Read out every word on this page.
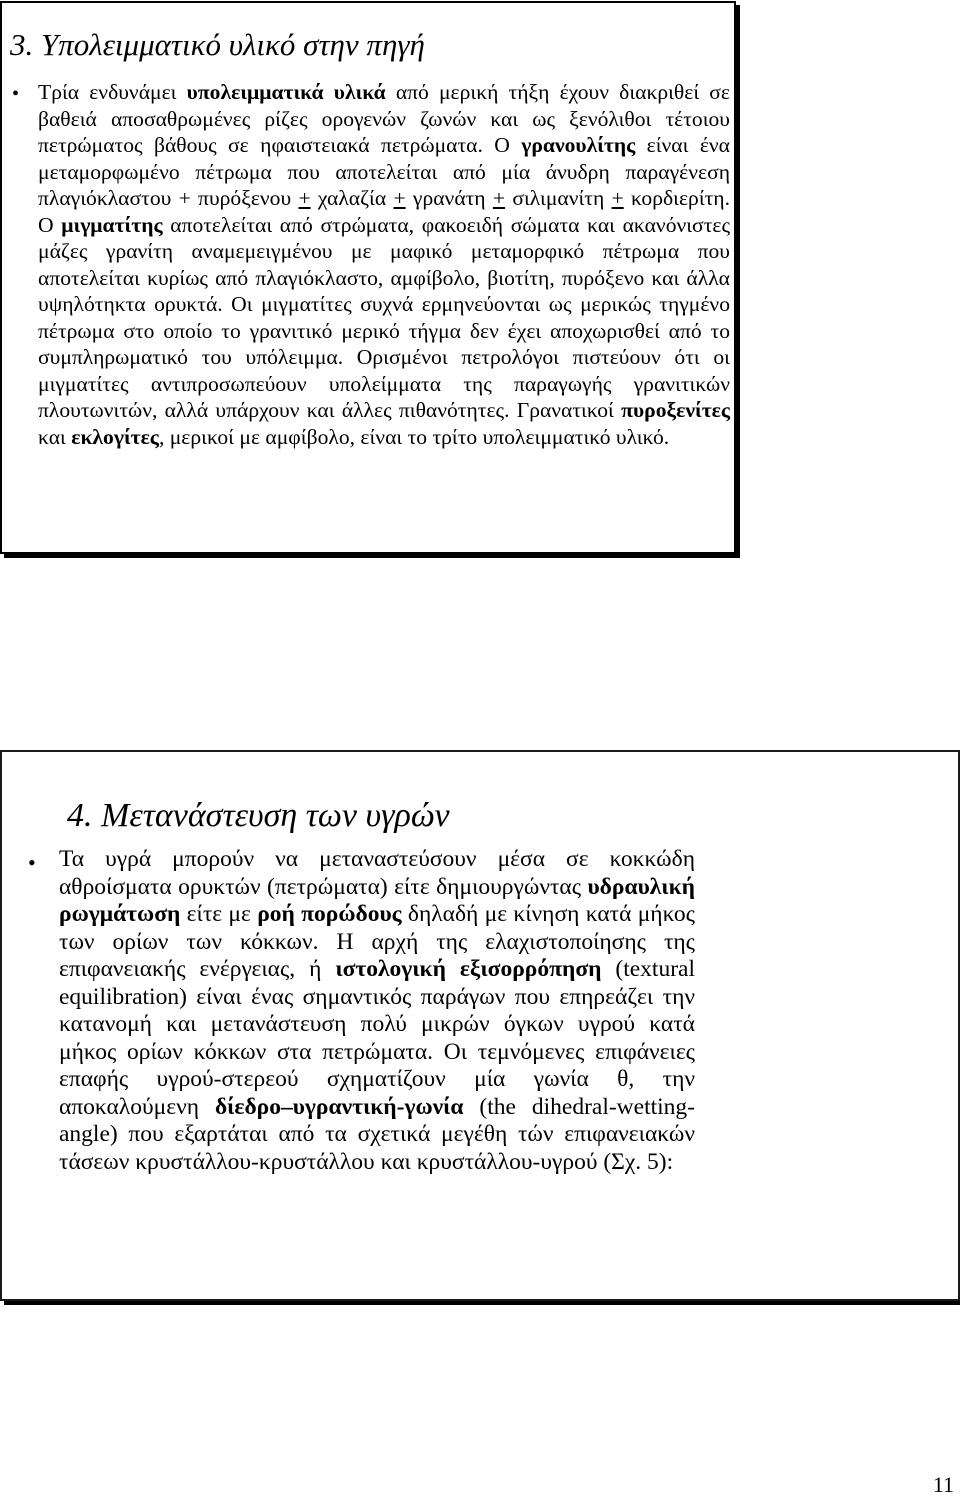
3. Υπολειμματικό υλικό στην πηγή
• Τρία ενδυνάμει υπολειμματικά υλικά από μερική τήξη έχουν διακριθεί σε βαθειά αποσαθρωμένες ρίζες ορογενών ζωνών και ως ξενόλιθοι τέτοιου πετρώματος βάθους σε ηφαιστειακά πετρώματα. Ο γρανουλίτης είναι ένα μεταμορφωμένο πέτρωμα που αποτελείται από μία άνυδρη παραγένεση πλαγιόκλαστου + πυρόξενου + χαλαζία + γρανάτη + σιλιμανίτη + κορδιερίτη. Ο μιγματίτης αποτελείται από στρώματα, φακοειδή σώματα και ακανόνιστες μάζες γρανίτη αναμεμειγμένου με μαφικό μεταμορφικό πέτρωμα που αποτελείται κυρίως από πλαγιόκλαστο, αμφίβολο, βιοτίτη, πυρόξενο και άλλα υψηλότηκτα ορυκτά. Οι μιγματίτες συχνά ερμηνεύονται ως μερικώς τηγμένο πέτρωμα στο οποίο το γρανιτικό μερικό τήγμα δεν έχει αποχωρισθεί από το συμπληρωματικό του υπόλειμμα. Ορισμένοι πετρολόγοι πιστεύουν ότι οι μιγματίτες αντιπροσωπεύουν υπολείμματα της παραγωγής γρανιτικών πλουτωνιτών, αλλά υπάρχουν και άλλες πιθανότητες. Γρανατικοί πυροξενίτες και εκλογίτες, μερικοί με αμφίβολο, είναι το τρίτο υπολειμματικό υλικό.

4. Μετανάστευση των υγρών
• Τα υγρά μπορούν να μεταναστεύσουν μέσα σε κοκκώδη αθροίσματα ορυκτών (πετρώματα) είτε δημιουργώντας υδραυλική ρωγμάτωση είτε με ροή πορώδους δηλαδή με κίνηση κατά μήκος των ορίων των κόκκων. Η αρχή της ελαχιστοποίησης της επιφανειακής ενέργειας, ή ιστολογική εξισορρόπηση (textural equilibration) είναι ένας σημαντικός παράγων που επηρεάζει την κατανομή και μετανάστευση πολύ μικρών όγκων υγρού κατά μήκος ορίων κόκκων στα πετρώματα. Οι τεμνόμενες επιφάνειες επαφής υγρού-στερεού σχηματίζουν μία γωνία θ, την αποκαλούμενη δίεδρο–υγραντική-γωνία (the dihedral-wetting-angle) που εξαρτάται από τα σχετικά μεγέθη τών επιφανειακών τάσεων κρυστάλλου-κρυστάλλου και κρυστάλλου-υγρού (Σχ. 5):

11
